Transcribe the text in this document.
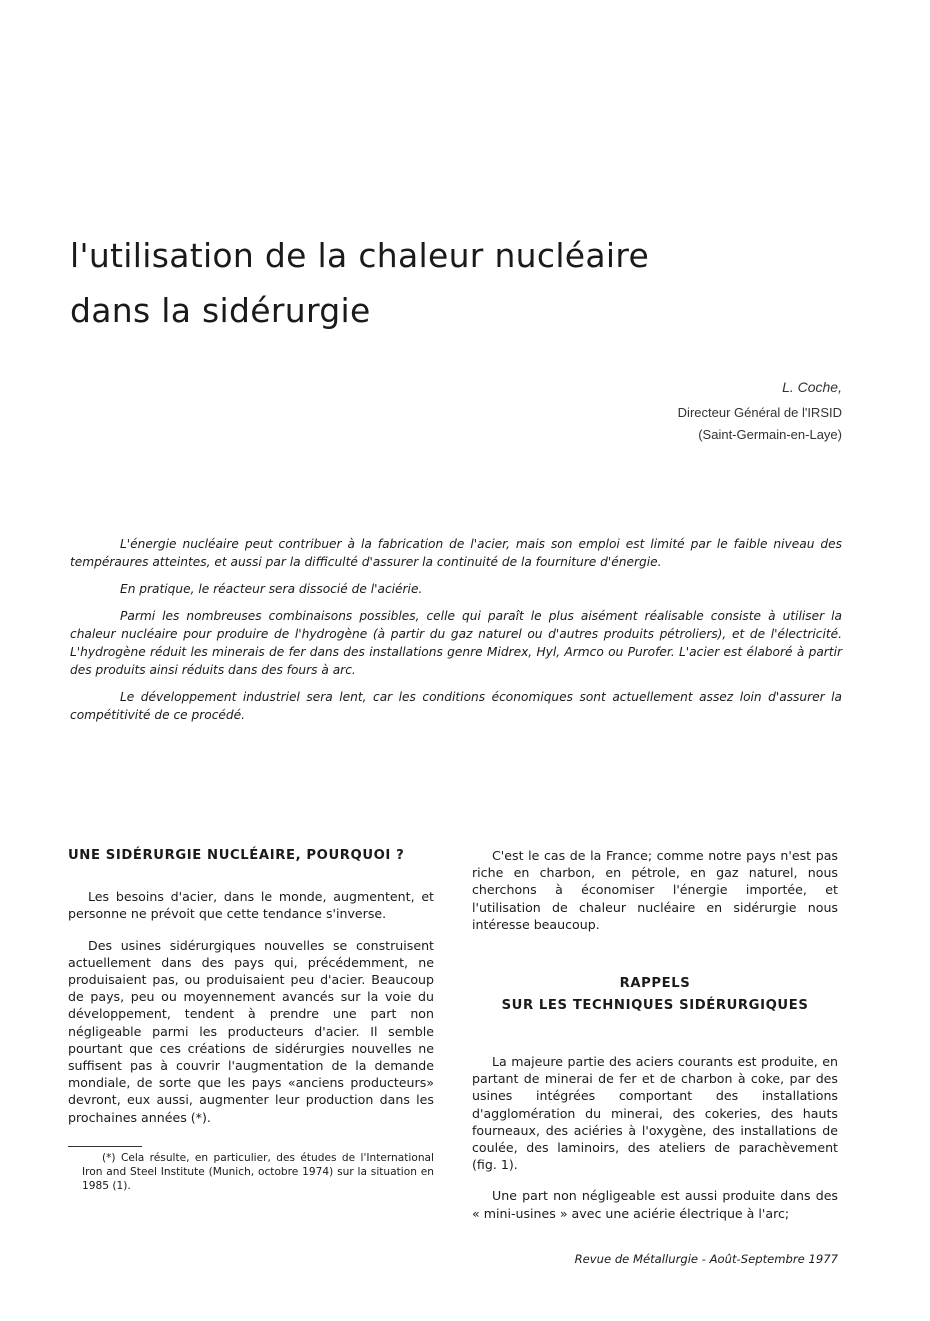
l'utilisation de la chaleur nucléaire
dans la sidérurgie
L. Coche,
Directeur Général de l'IRSID
(Saint-Germain-en-Laye)

L'énergie nucléaire peut contribuer à la fabrication de l'acier, mais son emploi est limité par le faible niveau des tempéraures atteintes, et aussi par la difficulté d'assurer la continuité de la fourniture d'énergie.

En pratique, le réacteur sera dissocié de l'aciérie.

Parmi les nombreuses combinaisons possibles, celle qui paraît le plus aisément réalisable consiste à utiliser la chaleur nucléaire pour produire de l'hydrogène (à partir du gaz naturel ou d'autres produits pétroliers), et de l'électricité. L'hydrogène réduit les minerais de fer dans des installations genre Midrex, Hyl, Armco ou Purofer. L'acier est élaboré à partir des produits ainsi réduits dans des fours à arc.

Le développement industriel sera lent, car les conditions économiques sont actuellement assez loin d'assurer la compétitivité de ce procédé.

UNE SIDÉRURGIE NUCLÉAIRE, POURQUOI ?

Les besoins d'acier, dans le monde, augmentent, et personne ne prévoit que cette tendance s'inverse.

Des usines sidérurgiques nouvelles se construisent actuellement dans des pays qui, précédemment, ne produisaient pas, ou produisaient peu d'acier. Beaucoup de pays, peu ou moyennement avancés sur la voie du développement, tendent à prendre une part non négligeable parmi les producteurs d'acier. Il semble pourtant que ces créations de sidérurgies nouvelles ne suffisent pas à couvrir l'augmentation de la demande mondiale, de sorte que les pays «anciens producteurs» devront, eux aussi, augmenter leur production dans les prochaines années (*).

(*) Cela résulte, en particulier, des études de l'International Iron and Steel Institute (Munich, octobre 1974) sur la situation en 1985 (1).

C'est le cas de la France; comme notre pays n'est pas riche en charbon, en pétrole, en gaz naturel, nous cherchons à économiser l'énergie importée, et l'utilisation de chaleur nucléaire en sidérurgie nous intéresse beaucoup.

RAPPELS
SUR LES TECHNIQUES SIDÉRURGIQUES

La majeure partie des aciers courants est produite, en partant de minerai de fer et de charbon à coke, par des usines intégrées comportant des installations d'agglomération du minerai, des cokeries, des hauts fourneaux, des aciéries à l'oxygène, des installations de coulée, des laminoirs, des ateliers de parachèvement (fig. 1).

Une part non négligeable est aussi produite dans des « mini-usines » avec une aciérie électrique à l'arc;

Revue de Métallurgie - Août-Septembre 1977
